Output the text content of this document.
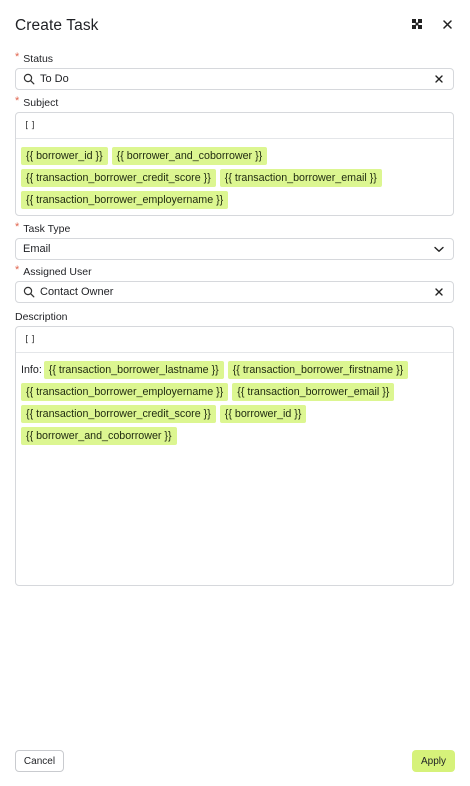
Create Task
* Status
To Do
* Subject
[]
{{ borrower_id }}	{{ borrower_and_coborrower }}
{{ transaction_borrower_credit_score }}	{{ transaction_borrower_email }}
{{ transaction_borrower_employername }}
* Task Type
Email
* Assigned User
Contact Owner
Description
[]
Info: {{ transaction_borrower_lastname }}	{{ transaction_borrower_firstname }}
{{ transaction_borrower_employername }}	{{ transaction_borrower_email }}
{{ transaction_borrower_credit_score }}	{{ borrower_id }}
{{ borrower_and_coborrower }}
Cancel	Apply
